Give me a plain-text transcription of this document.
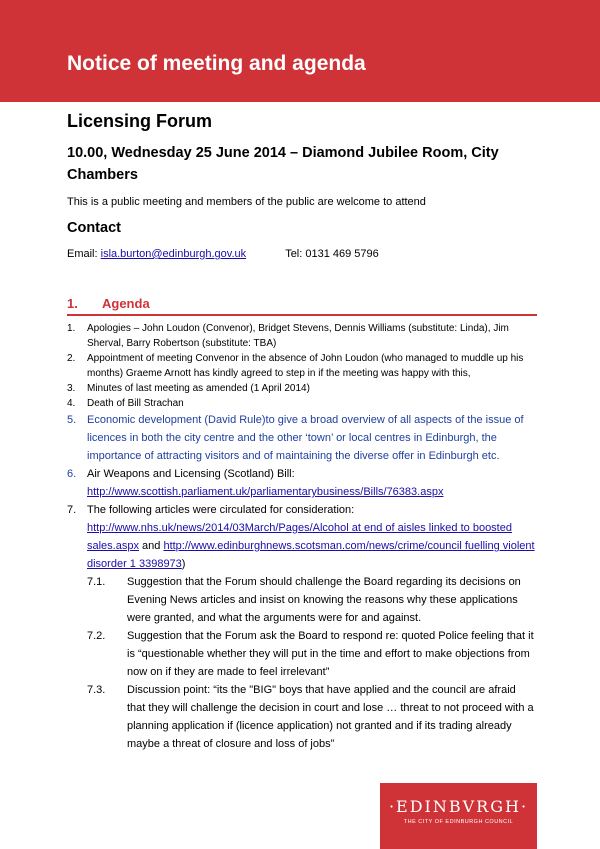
Notice of meeting and agenda
Licensing Forum
10.00, Wednesday 25 June 2014 – Diamond Jubilee Room, City Chambers

This is a public meeting and members of the public are welcome to attend

Contact

Email: isla.burton@edinburgh.gov.uk	Tel: 0131 469 5796

1. Agenda
1. Apologies – John Loudon (Convenor), Bridget Stevens, Dennis Williams (substitute: Linda), Jim Sherval, Barry Robertson (substitute: TBA)
2. Appointment of meeting Convenor in the absence of John Loudon (who managed to muddle up his months) Graeme Arnott has kindly agreed to step in if the meeting was happy with this,
3. Minutes of last meeting as amended (1 April 2014)
4. Death of Bill Strachan
5. Economic development (David Rule)to give a broad overview of all aspects of the issue of licences in both the city centre and the other ‘town’ or local centres in Edinburgh, the importance of attracting visitors and of maintaining the diverse offer in Edinburgh etc.
6. Air Weapons and Licensing (Scotland) Bill:
http://www.scottish.parliament.uk/parliamentarybusiness/Bills/76383.aspx
7. The following articles were circulated for consideration:
http://www.nhs.uk/news/2014/03March/Pages/Alcohol at end of aisles linked to boosted sales.aspx and http://www.edinburghnews.scotsman.com/news/crime/council fuelling violent disorder 1 3398973)
7.1. Suggestion that the Forum should challenge the Board regarding its decisions on Evening News articles and insist on knowing the reasons why these applications were granted, and what the arguments were for and against.
7.2. Suggestion that the Forum ask the Board to respond re: quoted Police feeling that it is “questionable whether they will put in the time and effort to make objections from now on if they are made to feel irrelevant”
7.3. Discussion point: “its the "BIG" boys that have applied and the council are afraid that they will challenge the decision in court and lose … threat to not proceed with a planning application if (licence application) not granted and if its trading already maybe a threat of closure and loss of jobs”
·EDINBVRGH·
THE CITY OF EDINBURGH COUNCIL
